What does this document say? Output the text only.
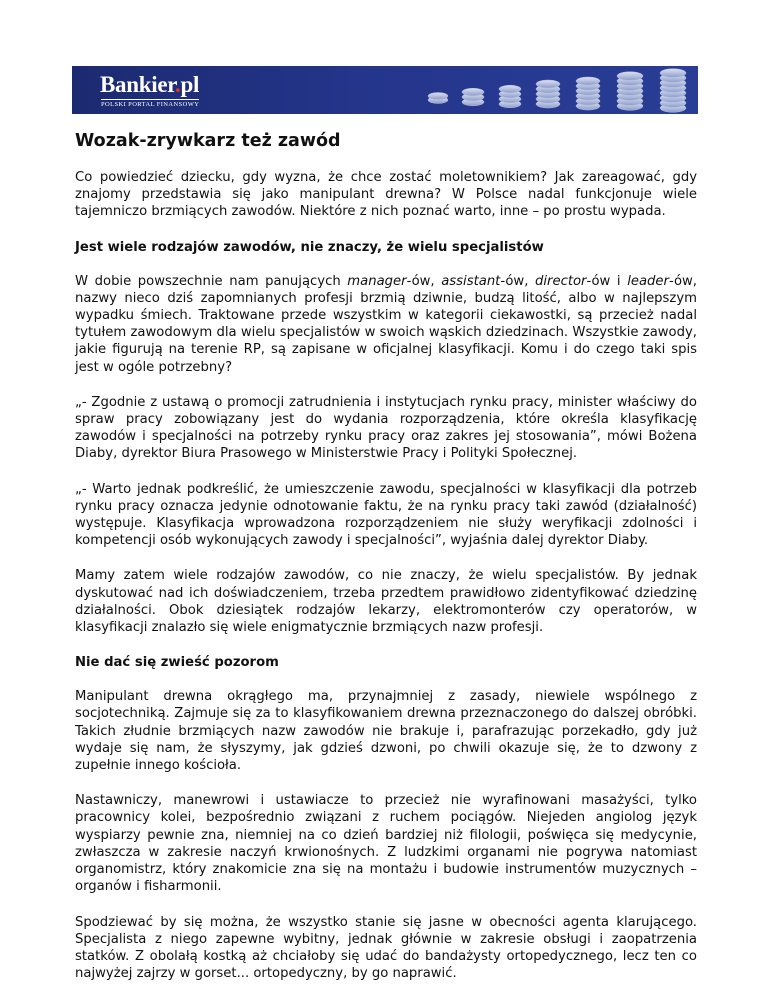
Bankier.pl
POLSKI PORTAL FINANSOWY
Wozak-zrywkarz też zawód

Co powiedzieć dziecku, gdy wyzna, że chce zostać moletownikiem? Jak zareagować, gdy znajomy przedstawia się jako manipulant drewna? W Polsce nadal funkcjonuje wiele tajemniczo brzmiących zawodów. Niektóre z nich poznać warto, inne – po prostu wypada.

Jest wiele rodzajów zawodów, nie znaczy, że wielu specjalistów

W dobie powszechnie nam panujących manager-ów, assistant-ów, director-ów i leader-ów, nazwy nieco dziś zapomnianych profesji brzmią dziwnie, budzą litość, albo w najlepszym wypadku śmiech. Traktowane przede wszystkim w kategorii ciekawostki, są przecież nadal tytułem zawodowym dla wielu specjalistów w swoich wąskich dziedzinach. Wszystkie zawody, jakie figurują na terenie RP, są zapisane w oficjalnej klasyfikacji. Komu i do czego taki spis jest w ogóle potrzebny?

„- Zgodnie z ustawą o promocji zatrudnienia i instytucjach rynku pracy, minister właściwy do spraw pracy zobowiązany jest do wydania rozporządzenia, które określa klasyfikację zawodów i specjalności na potrzeby rynku pracy oraz zakres jej stosowania”, mówi Bożena Diaby, dyrektor Biura Prasowego w Ministerstwie Pracy i Polityki Społecznej.

„- Warto jednak podkreślić, że umieszczenie zawodu, specjalności w klasyfikacji dla potrzeb rynku pracy oznacza jedynie odnotowanie faktu, że na rynku pracy taki zawód (działalność) występuje. Klasyfikacja wprowadzona rozporządzeniem nie służy weryfikacji zdolności i kompetencji osób wykonujących zawody i specjalności”, wyjaśnia dalej dyrektor Diaby.

Mamy zatem wiele rodzajów zawodów, co nie znaczy, że wielu specjalistów. By jednak dyskutować nad ich doświadczeniem, trzeba przedtem prawidłowo zidentyfikować dziedzinę działalności. Obok dziesiątek rodzajów lekarzy, elektromonterów czy operatorów, w klasyfikacji znalazło się wiele enigmatycznie brzmiących nazw profesji.

Nie dać się zwieść pozorom

Manipulant drewna okrągłego ma, przynajmniej z zasady, niewiele wspólnego z socjotechniką. Zajmuje się za to klasyfikowaniem drewna przeznaczonego do dalszej obróbki. Takich złudnie brzmiących nazw zawodów nie brakuje i, parafrazując porzekadło, gdy już wydaje się nam, że słyszymy, jak gdzieś dzwoni, po chwili okazuje się, że to dzwony z zupełnie innego kościoła.

Nastawniczy, manewrowi i ustawiacze to przecież nie wyrafinowani masażyści, tylko pracownicy kolei, bezpośrednio związani z ruchem pociągów. Niejeden angiolog język wyspiarzy pewnie zna, niemniej na co dzień bardziej niż filologii, poświęca się medycynie, zwłaszcza w zakresie naczyń krwionośnych. Z ludzkimi organami nie pogrywa natomiast organomistrz, który znakomicie zna się na montażu i budowie instrumentów muzycznych – organów i fisharmonii.

Spodziewać by się można, że wszystko stanie się jasne w obecności agenta klarującego. Specjalista z niego zapewne wybitny, jednak głównie w zakresie obsługi i zaopatrzenia statków. Z obolałą kostką aż chciałoby się udać do bandażysty ortopedycznego, lecz ten co najwyżej zajrzy w gorset... ortopedyczny, by go naprawić.
